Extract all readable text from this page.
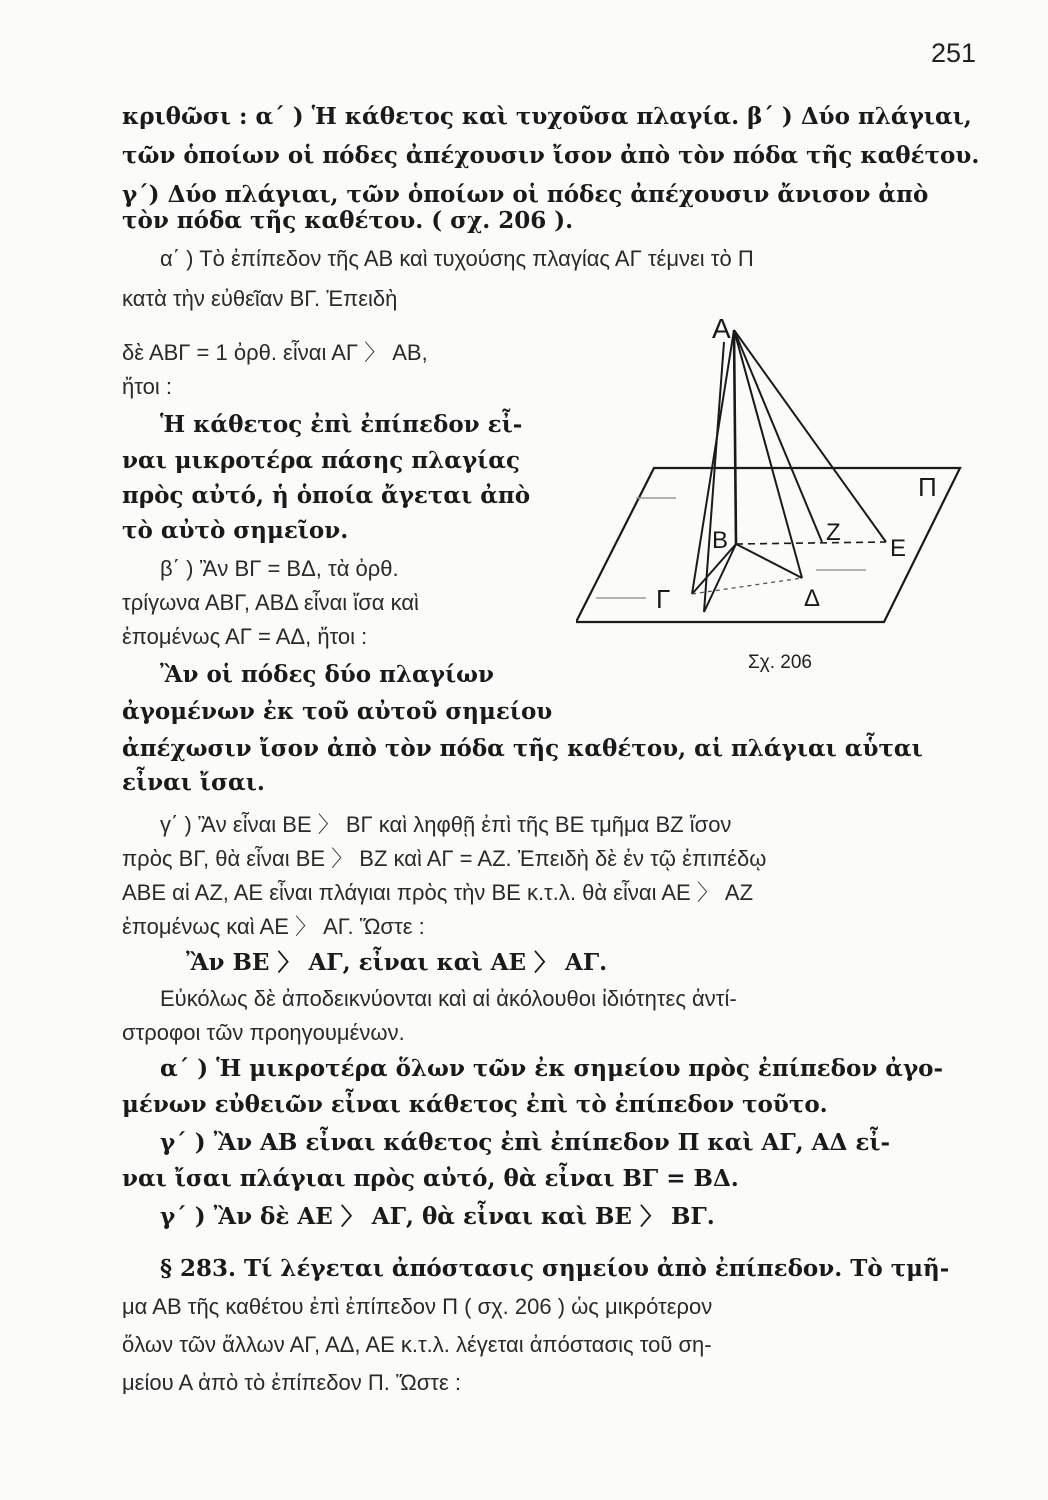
251
κριθῶσι : α΄ ) Ἡ κάθετος καὶ τυχοῦσα πλαγία. β΄ ) Δύο πλάγιαι,
τῶν ὁποίων οἱ πόδες ἀπέχουσιν ἴσον ἀπὸ τὸν πόδα τῆς καθέτου.
γ΄) Δύο πλάγιαι, τῶν ὁποίων οἱ πόδες ἀπέχουσιν ἄνισον ἀπὸ
τὸν πόδα τῆς καθέτου. ( σχ. 206 ).
α΄ ) Τὸ ἐπίπεδον τῆς ΑΒ καὶ τυχούσης πλαγίας ΑΓ τέμνει τὸ Π
κατὰ τὴν εὐθεῖαν ΒΓ. Ἐπειδὴ
δὲ ΑΒΓ = 1 ὀρθ. εἶναι ΑΓ 〉 ΑΒ,
ἤτοι :
Ἡ κάθετος ἐπὶ ἐπίπεδον εἶ-
ναι μικροτέρα πάσης πλαγίας
πρὸς αὐτό, ἡ ὁποία ἄγεται ἀπὸ
τὸ αὐτὸ σημεῖον.
β΄ ) Ἂν ΒΓ = ΒΔ, τὰ ὀρθ.
τρίγωνα ΑΒΓ, ΑΒΔ εἶναι ἴσα καὶ
ἐπομένως ΑΓ = ΑΔ, ἤτοι :
Ἂν οἱ πόδες δύο πλαγίων
ἀγομένων ἐκ τοῦ αὐτοῦ σημείου
ἀπέχωσιν ἴσον ἀπὸ τὸν πόδα τῆς καθέτου, αἱ πλάγιαι αὗται
εἶναι ἴσαι.
γ΄ ) Ἂν εἶναι ΒΕ 〉 ΒΓ καὶ ληφθῇ ἐπὶ τῆς ΒΕ τμῆμα ΒΖ ἴσον
πρὸς ΒΓ, θὰ εἶναι ΒΕ 〉 ΒΖ καὶ ΑΓ = ΑΖ. Ἐπειδὴ δὲ ἐν τῷ ἐπιπέδῳ
ΑΒΕ αἱ ΑΖ, ΑΕ εἶναι πλάγιαι πρὸς τὴν ΒΕ κ.τ.λ. θὰ εἶναι ΑΕ 〉 ΑΖ
ἐπομένως καὶ ΑΕ 〉 ΑΓ. Ὥστε :
Ἂν ΒΕ 〉 ΑΓ, εἶναι καὶ ΑΕ 〉 ΑΓ.
Εὐκόλως δὲ ἀποδεικνύονται καὶ αἱ ἀκόλουθοι ἰδιότητες ἀντί-
στροφοι τῶν προηγουμένων.
α΄ ) Ἡ μικροτέρα ὅλων τῶν ἐκ σημείου πρὸς ἐπίπεδον ἀγο-
μένων εὐθειῶν εἶναι κάθετος ἐπὶ τὸ ἐπίπεδον τοῦτο.
γ΄ ) Ἂν ΑΒ εἶναι κάθετος ἐπὶ ἐπίπεδον Π καὶ ΑΓ, ΑΔ εἶ-
ναι ἴσαι πλάγιαι πρὸς αὐτό, θὰ εἶναι ΒΓ = ΒΔ.
γ΄ ) Ἂν δὲ ΑΕ 〉 ΑΓ, θὰ εἶναι καὶ ΒΕ 〉 ΒΓ.
§ 283. Τί λέγεται ἀπόστασις σημείου ἀπὸ ἐπίπεδον. Τὸ τμῆ-
μα ΑΒ τῆς καθέτου ἐπὶ ἐπίπεδον Π ( σχ. 206 ) ὡς μικρότερον
ὅλων τῶν ἄλλων ΑΓ, ΑΔ, ΑΕ κ.τ.λ. λέγεται ἀπόστασις τοῦ ση-
μείου Α ἀπὸ τὸ ἐπίπεδον Π. Ὥστε :
Α
Β
Γ	Δ
Ζ
Ε
Π
Σχ. 206
